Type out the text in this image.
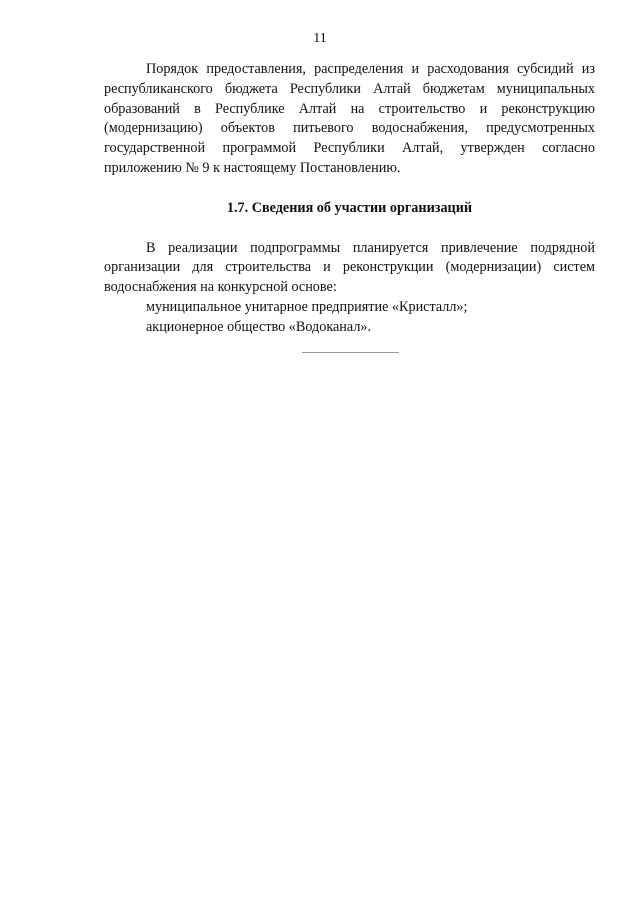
11

Порядок предоставления, распределения и расходования субсидий из республиканского бюджета Республики Алтай бюджетам муниципальных образований в Республике Алтай на строительство и реконструкцию (модернизацию) объектов питьевого водоснабжения, предусмотренных государственной программой Республики Алтай, утвержден согласно приложению № 9 к настоящему Постановлению.

1.7. Сведения об участии организаций

В реализации подпрограммы планируется привлечение подрядной организации для строительства и реконструкции (модернизации) систем водоснабжения на конкурсной основе:

муниципальное унитарное предприятие «Кристалл»;

акционерное общество «Водоканал».
